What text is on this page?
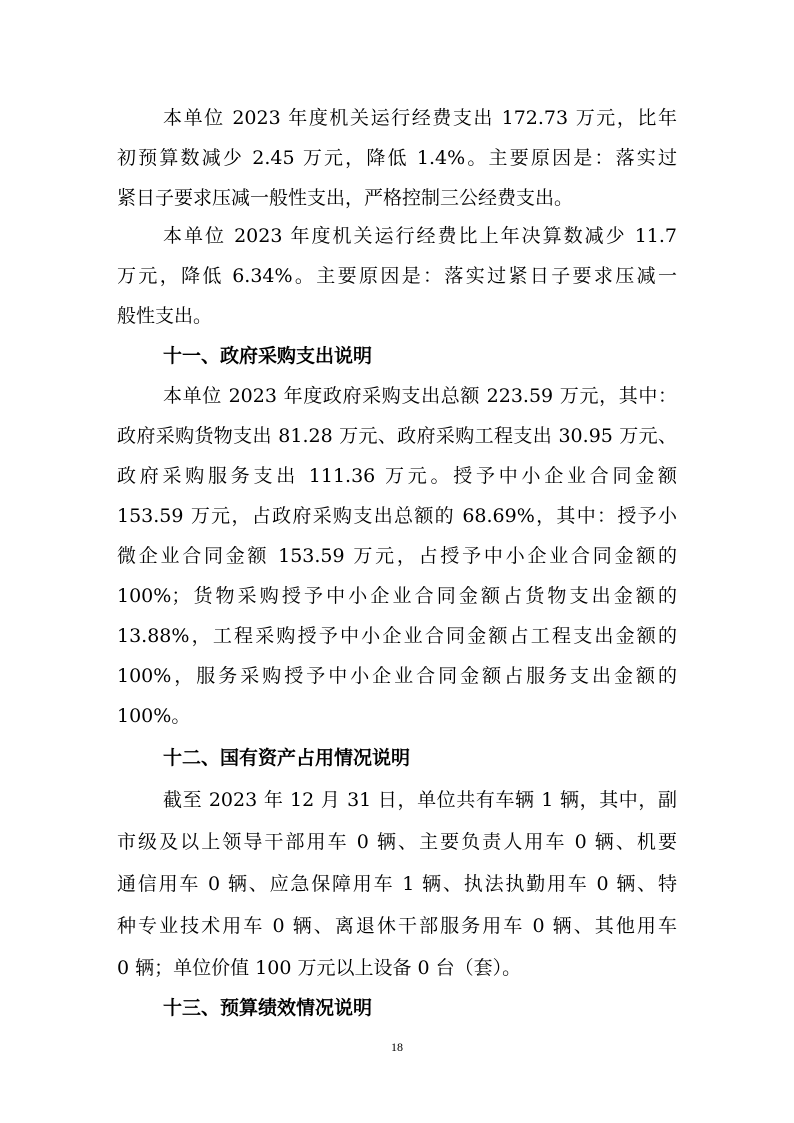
本单位 2023 年度机关运行经费支出 172.73 万元，比年
初预算数减少 2.45 万元，降低 1.4%。主要原因是：落实过
紧日子要求压减一般性支出，严格控制三公经费支出。
本单位 2023 年度机关运行经费比上年决算数减少 11.7
万元，降低 6.34%。主要原因是：落实过紧日子要求压减一
般性支出。
十一、政府采购支出说明
本单位 2023 年度政府采购支出总额 223.59 万元，其中：
政府采购货物支出 81.28 万元、政府采购工程支出 30.95 万元、
政府采购服务支出 111.36 万元。授予中小企业合同金额
153.59 万元，占政府采购支出总额的 68.69%，其中：授予小
微企业合同金额 153.59 万元，占授予中小企业合同金额的
100%；货物采购授予中小企业合同金额占货物支出金额的
13.88%，工程采购授予中小企业合同金额占工程支出金额的
100%，服务采购授予中小企业合同金额占服务支出金额的
100%。
十二、国有资产占用情况说明
截至 2023 年 12 月 31 日，单位共有车辆 1 辆，其中，副
市级及以上领导干部用车 0 辆、主要负责人用车 0 辆、机要
通信用车 0 辆、应急保障用车 1 辆、执法执勤用车 0 辆、特
种专业技术用车 0 辆、离退休干部服务用车 0 辆、其他用车
0 辆；单位价值 100 万元以上设备 0 台（套）。
十三、预算绩效情况说明
18
